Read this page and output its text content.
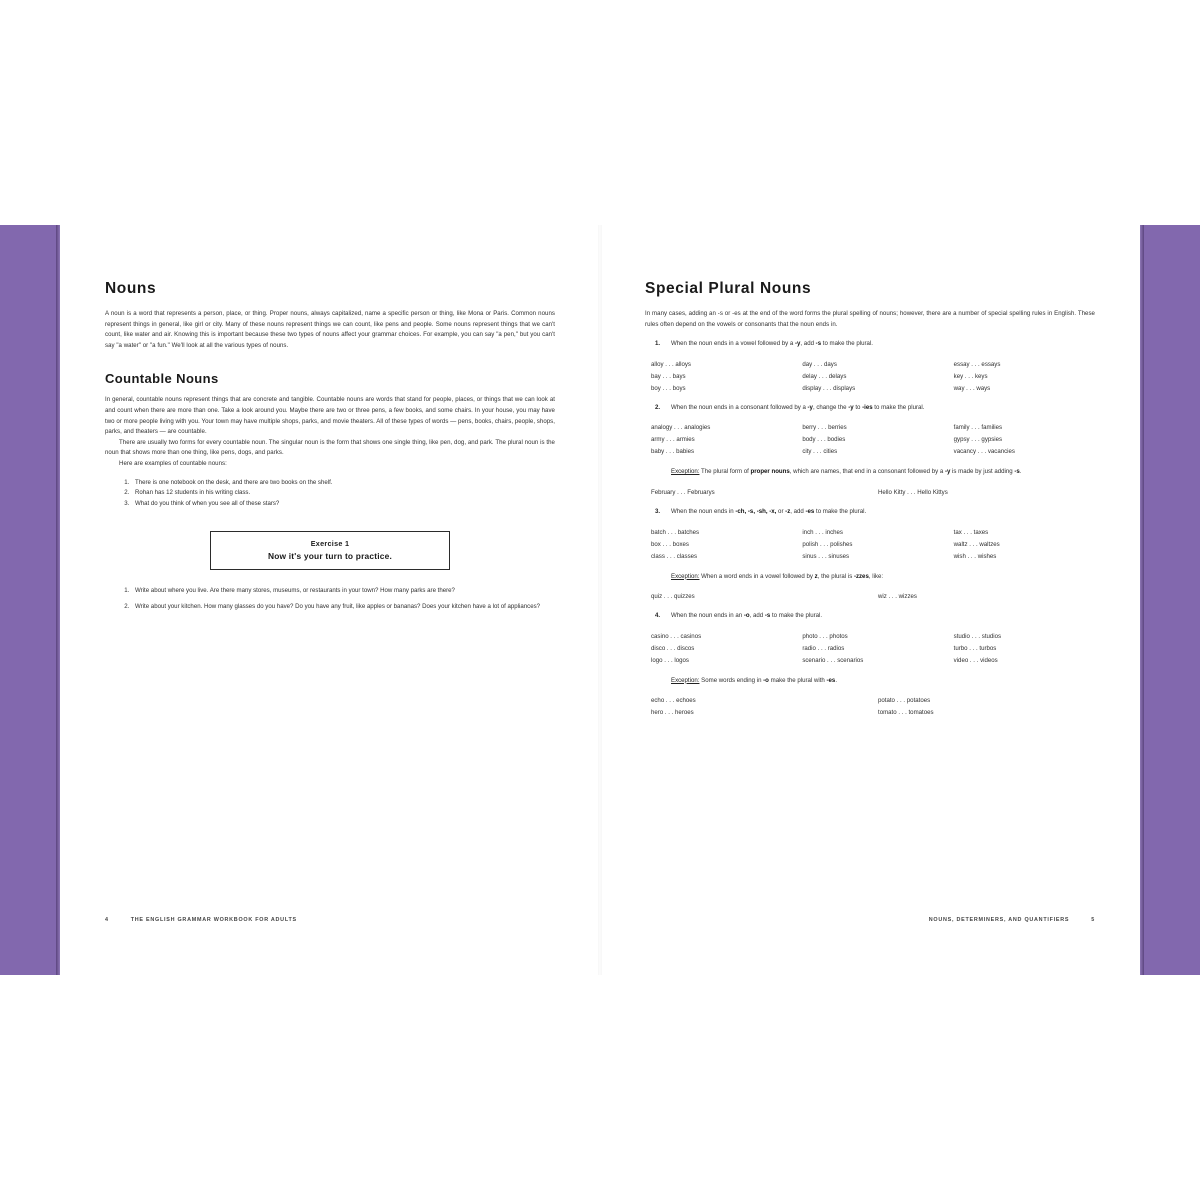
Nouns

A noun is a word that represents a person, place, or thing. Proper nouns, always capitalized, name a specific person or thing, like Mona or Paris. Common nouns represent things in general, like girl or city. Many of these nouns represent things we can count, like pens and people. Some nouns represent things that we can't count, like water and air. Knowing this is important because these two types of nouns affect your grammar choices. For example, you can say "a pen," but you can't say "a water" or "a fun." We'll look at all the various types of nouns.

Countable Nouns

In general, countable nouns represent things that are concrete and tangible. Countable nouns are words that stand for people, places, or things that we can look at and count when there are more than one. Take a look around you. Maybe there are two or three pens, a few books, and some chairs. In your house, you may have two or more people living with you. Your town may have multiple shops, parks, and movie theaters. All of these types of words — pens, books, chairs, people, shops, parks, and theaters — are countable.

There are usually two forms for every countable noun. The singular noun is the form that shows one single thing, like pen, dog, and park. The plural noun is the noun that shows more than one thing, like pens, dogs, and parks.

Here are examples of countable nouns:

1. There is one notebook on the desk, and there are two books on the shelf.
2. Rohan has 12 students in his writing class.
3. What do you think of when you see all of these stars?
Exercise 1
Now it's your turn to practice.
1. Write about where you live. Are there many stores, museums, or restaurants in your town? How many parks are there?
2. Write about your kitchen. How many glasses do you have? Do you have any fruit, like apples or bananas? Does your kitchen have a lot of appliances?
4	THE ENGLISH GRAMMAR WORKBOOK FOR ADULTS
Special Plural Nouns

In many cases, adding an -s or -es at the end of the word forms the plural spelling of nouns; however, there are a number of special spelling rules in English. These rules often depend on the vowels or consonants that the noun ends in.

1. When the noun ends in a vowel followed by a -y, add -s to make the plural.
alloy . . . alloys	day . . . days	essay . . . essays
bay . . . bays	delay . . . delays	key . . . keys
boy . . . boys	display . . . displays	way . . . ways
2. When the noun ends in a consonant followed by a -y, change the -y to -ies to make the plural.
analogy . . . analogies	berry . . . berries	family . . . families
army . . . armies	body . . . bodies	gypsy . . . gypsies
baby . . . babies	city . . . cities	vacancy . . . vacancies
Exception: The plural form of proper nouns, which are names, that end in a consonant followed by a -y is made by just adding -s.
February . . . Februarys	Hello Kitty . . . Hello Kittys
3. When the noun ends in -ch, -s, -sh, -x, or -z, add -es to make the plural.
batch . . . batches	inch . . . inches	tax . . . taxes
box . . . boxes	polish . . . polishes	waltz . . . waltzes
class . . . classes	sinus . . . sinuses	wish . . . wishes
Exception: When a word ends in a vowel followed by z, the plural is -zzes, like:
quiz . . . quizzes	wiz . . . wizzes
4. When the noun ends in an -o, add -s to make the plural.
casino . . . casinos	photo . . . photos	studio . . . studios
disco . . . discos	radio . . . radios	turbo . . . turbos
logo . . . logos	scenario . . . scenarios	video . . . videos
Exception: Some words ending in -o make the plural with -es.
echo . . . echoes	potato . . . potatoes
hero . . . heroes	tomato . . . tomatoes
NOUNS, DETERMINERS, AND QUANTIFIERS	5
